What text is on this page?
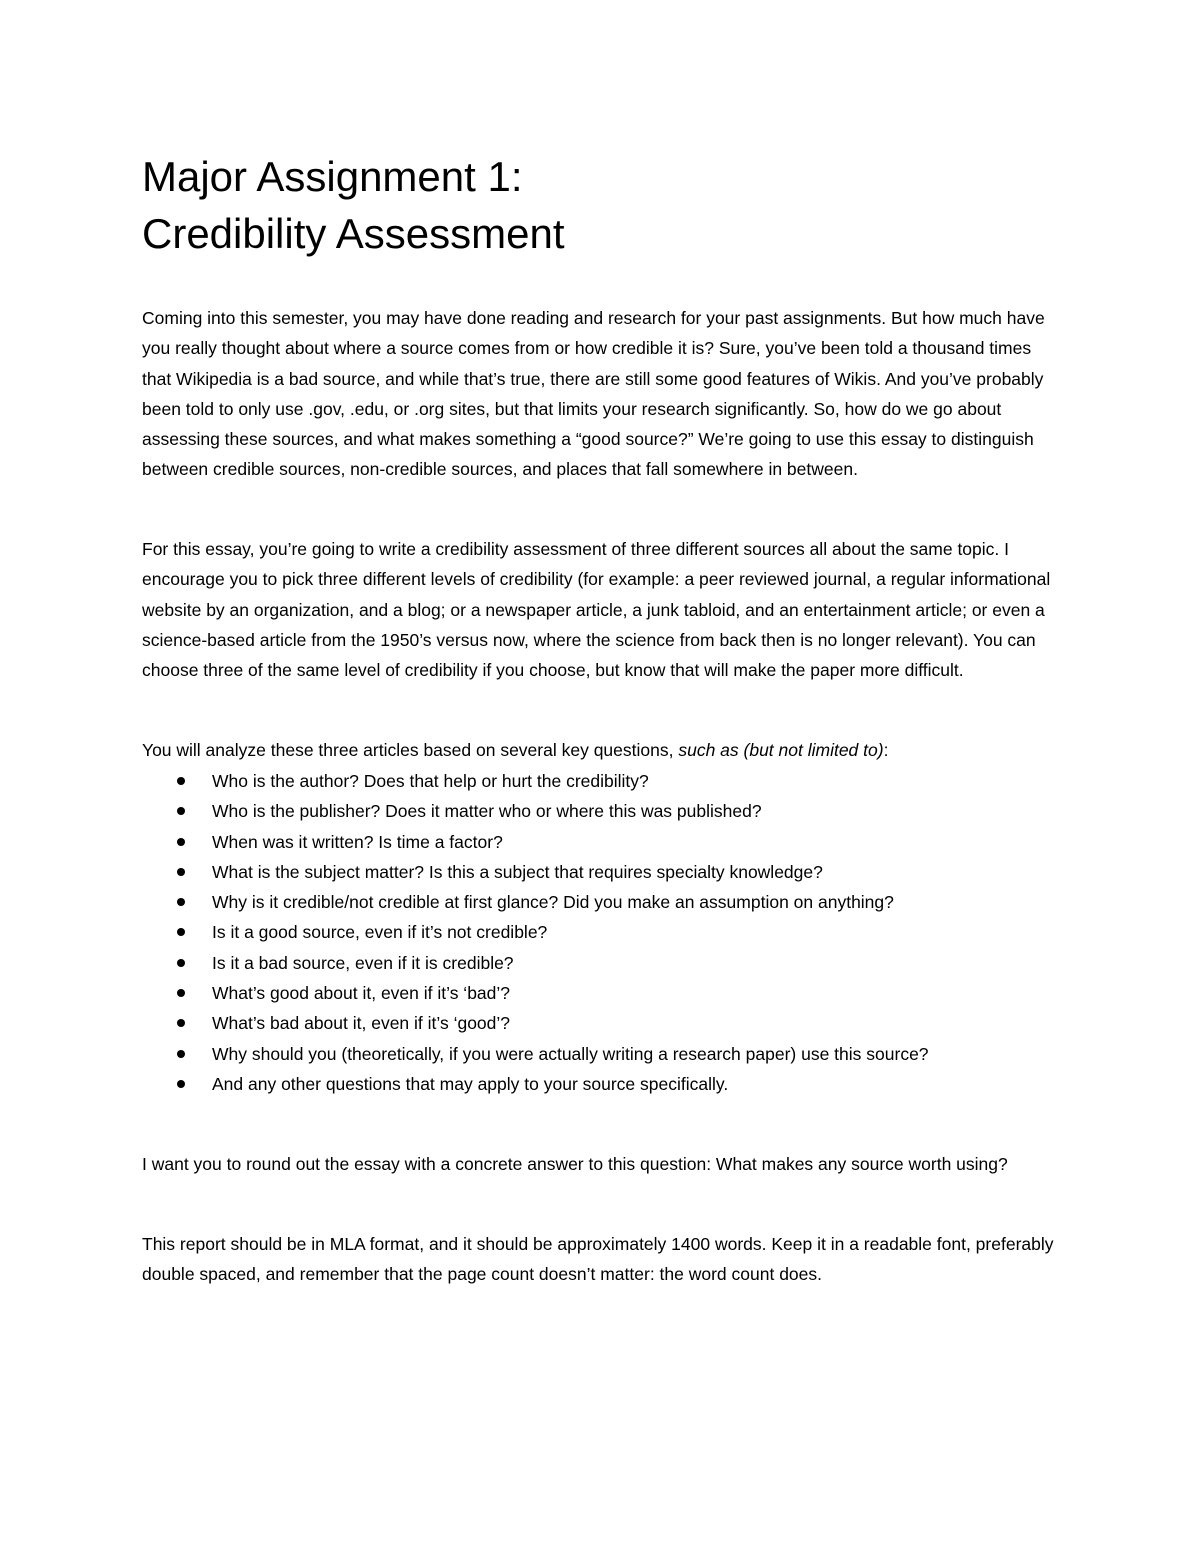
Major Assignment 1:
Credibility Assessment

Coming into this semester, you may have done reading and research for your past assignments. But how much have you really thought about where a source comes from or how credible it is? Sure, you’ve been told a thousand times that Wikipedia is a bad source, and while that’s true, there are still some good features of Wikis. And you’ve probably been told to only use .gov, .edu, or .org sites, but that limits your research significantly. So, how do we go about assessing these sources, and what makes something a “good source?” We’re going to use this essay to distinguish between credible sources, non-credible sources, and places that fall somewhere in between.

For this essay, you’re going to write a credibility assessment of three different sources all about the same topic. I encourage you to pick three different levels of credibility (for example: a peer reviewed journal, a regular informational website by an organization, and a blog; or a newspaper article, a junk tabloid, and an entertainment article; or even a science-based article from the 1950’s versus now, where the science from back then is no longer relevant). You can choose three of the same level of credibility if you choose, but know that will make the paper more difficult.

You will analyze these three articles based on several key questions, such as (but not limited to):

Who is the author? Does that help or hurt the credibility?
Who is the publisher? Does it matter who or where this was published?
When was it written? Is time a factor?
What is the subject matter? Is this a subject that requires specialty knowledge?
Why is it credible/not credible at first glance? Did you make an assumption on anything?
Is it a good source, even if it’s not credible?
Is it a bad source, even if it is credible?
What’s good about it, even if it’s ‘bad’?
What’s bad about it, even if it’s ‘good’?
Why should you (theoretically, if you were actually writing a research paper) use this source?
And any other questions that may apply to your source specifically.

I want you to round out the essay with a concrete answer to this question: What makes any source worth using?

This report should be in MLA format, and it should be approximately 1400 words. Keep it in a readable font, preferably double spaced, and remember that the page count doesn’t matter: the word count does.
